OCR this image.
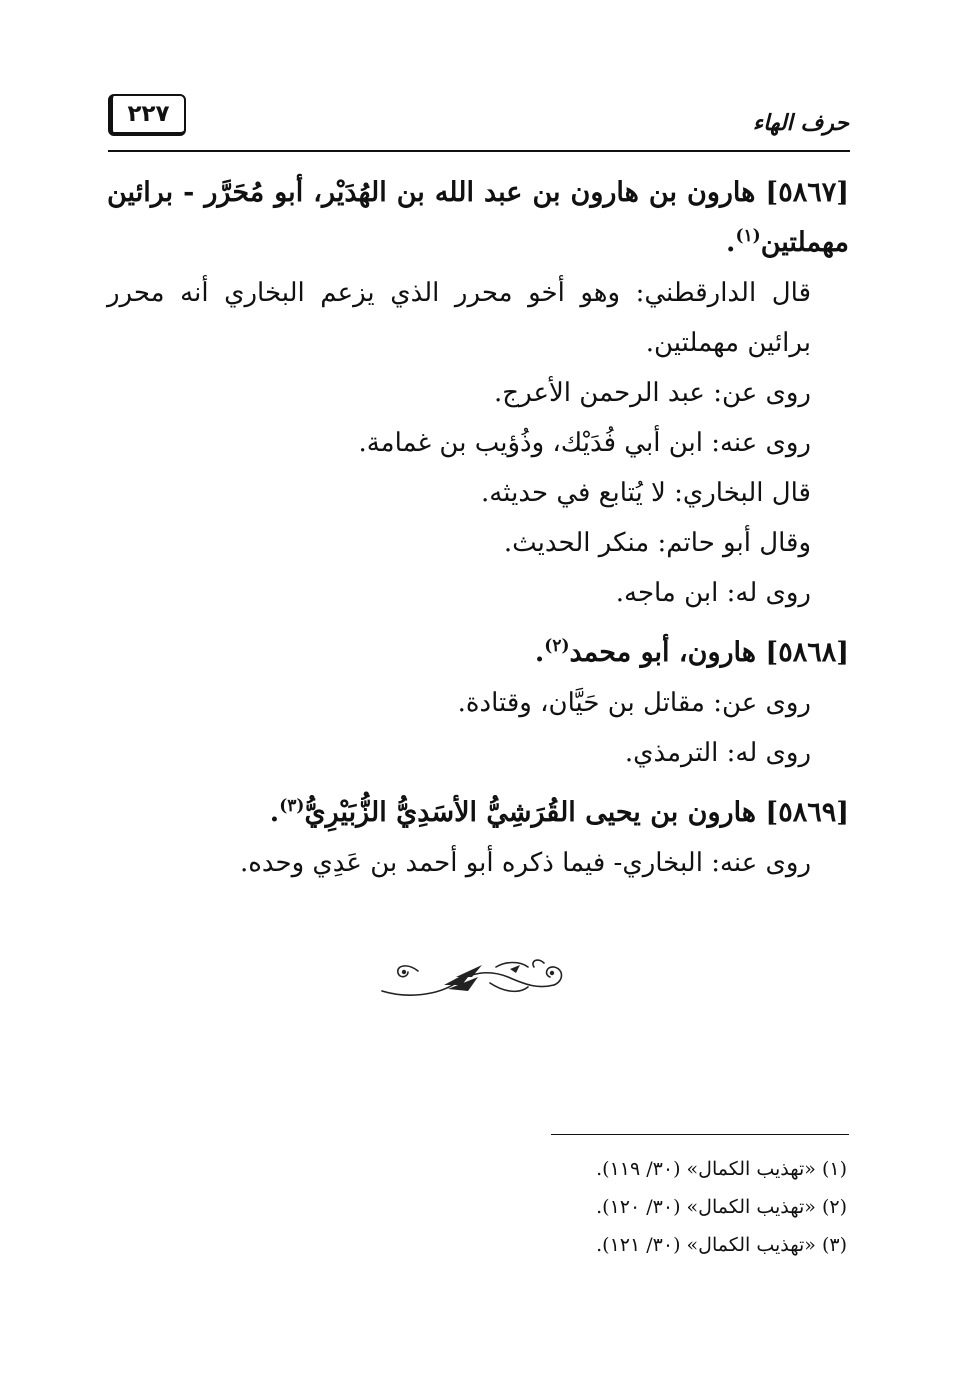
٢٢٧	حرف الهاء

[٥٨٦٧] هارون بن هارون بن عبد الله بن الهُدَيْر، أبو مُحَرَّر - برائين مهملتين$^{(١)}$.

قال الدارقطني: وهو أخو محرر الذي يزعم البخاري أنه محرر برائين مهملتين.

روى عن: عبد الرحمن الأعرج.

روى عنه: ابن أبي فُدَيْك، وذُؤيب بن غمامة.

قال البخاري: لا يُتابع في حديثه.

وقال أبو حاتم: منكر الحديث.

روى له: ابن ماجه.

[٥٨٦٨] هارون، أبو محمد$^{(٢)}$.

روى عن: مقاتل بن حَيَّان، وقتادة.

روى له: الترمذي.

[٥٨٦٩] هارون بن يحيى القُرَشِيُّ الأسَدِيُّ الزُّبَيْرِيُّ$^{(٣)}$.

روى عنه: البخاري- فيما ذكره أبو أحمد بن عَدِي وحده.

(١) «تهذيب الكمال» (٣٠/ ١١٩).

(٢) «تهذيب الكمال» (٣٠/ ١٢٠).

(٣) «تهذيب الكمال» (٣٠/ ١٢١).
